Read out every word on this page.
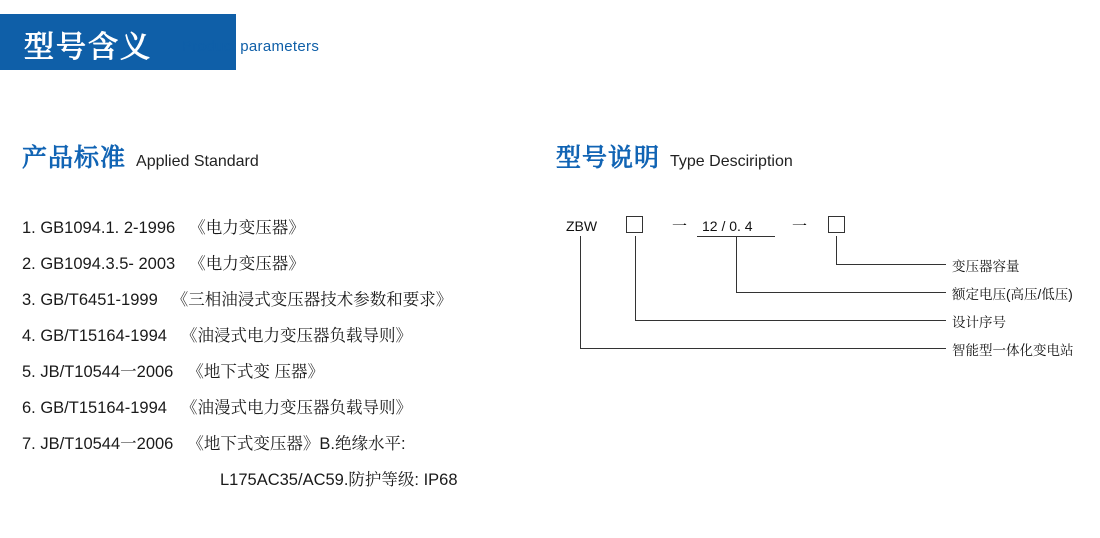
型号含义 Product parameters
产品标准 Applied Standard
1. GB1094.1. 2-1996 《电力变压器》
2. GB1094.3.5- 2003 《电力变压器》
3. GB/T6451-1999 《三相油浸式变压器技术参数和要求》
4. GB/T15164-1994 《油浸式电力变压器负载导则》
5. JB/T10544一2006 《地下式变 压器》
6. GB/T15164-1994 《油漫式电力变压器负载导则》
7. JB/T10544一2006 《地下式变压器》B.绝缘水平:
L175AC35/AC59.防护等级: IP68
型号说明 Type Desciription
ZBW	一 12 / 0. 4	一
变压器容量
额定电压(高压/低压)
设计序号
智能型一体化变电站
